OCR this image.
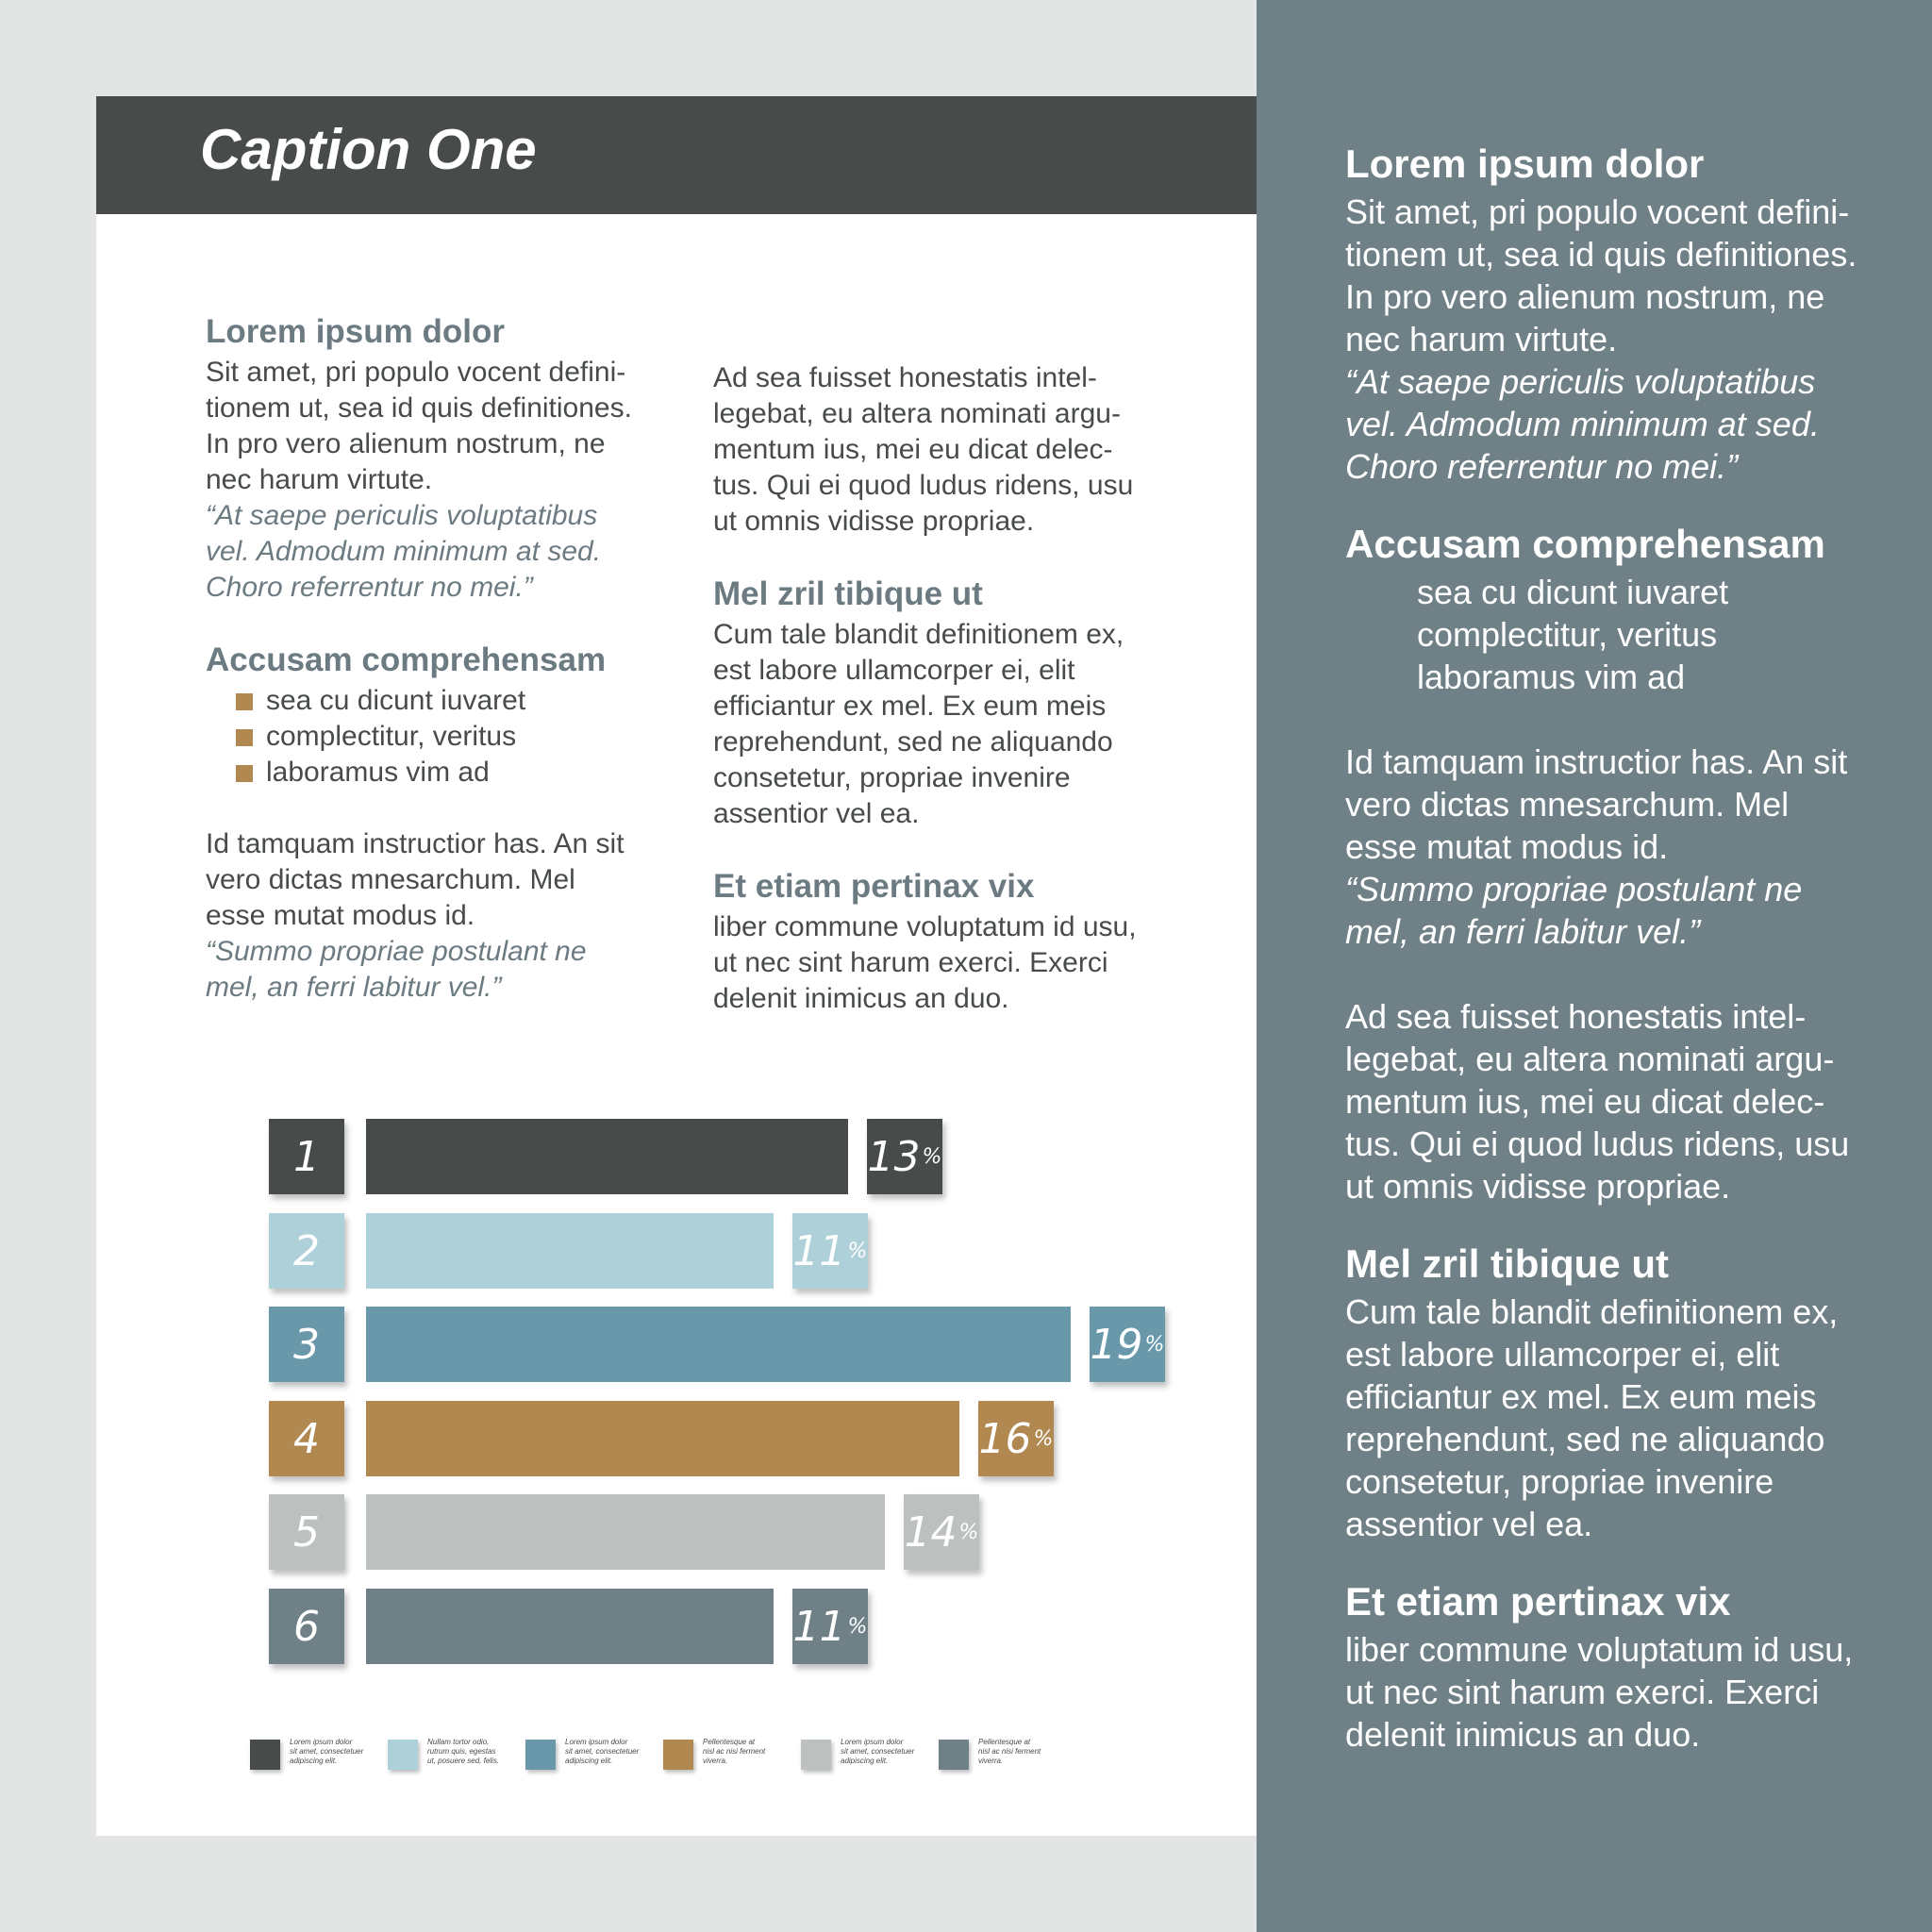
Caption One
Lorem ipsum dolor

Sit amet, pri populo vocent defini-
tionem ut, sea id quis definitiones.
In pro vero alienum nostrum, ne
nec harum virtute.

“At saepe periculis voluptatibus
vel. Admodum minimum at sed.
Choro referrentur no mei.”

Accusam comprehensam
sea cu dicunt iuvaret
complectitur, veritus
laboramus vim ad

Id tamquam instructior has. An sit
vero dictas mnesarchum. Mel
esse mutat modus id.

“Summo propriae postulant ne
mel, an ferri labitur vel.”

Ad sea fuisset honestatis intel-
legebat, eu altera nominati argu-
mentum ius, mei eu dicat delec-
tus. Qui ei quod ludus ridens, usu
ut omnis vidisse propriae.

Mel zril tibique ut

Cum tale blandit definitionem ex,
est labore ullamcorper ei, elit
efficiantur ex mel. Ex eum meis
reprehendunt, sed ne aliquando
consetetur, propriae invenire
assentior vel ea.

Et etiam pertinax vix

liber commune voluptatum id usu,
ut nec sint harum exerci. Exerci
delenit inimicus an duo.

1	13 %
2	11 %
3	19 %
4	16 %
5	14 %
6	11 %
Lorem ipsum dolor
sit amet, consectetuer
adipiscing elit.
Nullam tortor odio,
rutrum quis, egestas
ut, posuere sed, felis.
Lorem ipsum dolor
sit amet, consectetuer
adipiscing elit.
Pellentesque at
nisl ac nisi ferment
viverra.
Lorem ipsum dolor
sit amet, consectetuer
adipiscing elit.
Pellentesque at
nisl ac nisi ferment
viverra.
Lorem ipsum dolor

Sit amet, pri populo vocent defini-
tionem ut, sea id quis definitiones.
In pro vero alienum nostrum, ne
nec harum virtute.

“At saepe periculis voluptatibus
vel. Admodum minimum at sed.
Choro referrentur no mei.”

Accusam comprehensam
sea cu dicunt iuvaret
complectitur, veritus
laboramus vim ad

Id tamquam instructior has. An sit
vero dictas mnesarchum. Mel
esse mutat modus id.

“Summo propriae postulant ne
mel, an ferri labitur vel.”

Ad sea fuisset honestatis intel-
legebat, eu altera nominati argu-
mentum ius, mei eu dicat delec-
tus. Qui ei quod ludus ridens, usu
ut omnis vidisse propriae.

Mel zril tibique ut

Cum tale blandit definitionem ex,
est labore ullamcorper ei, elit
efficiantur ex mel. Ex eum meis
reprehendunt, sed ne aliquando
consetetur, propriae invenire
assentior vel ea.

Et etiam pertinax vix

liber commune voluptatum id usu,
ut nec sint harum exerci. Exerci
delenit inimicus an duo.
